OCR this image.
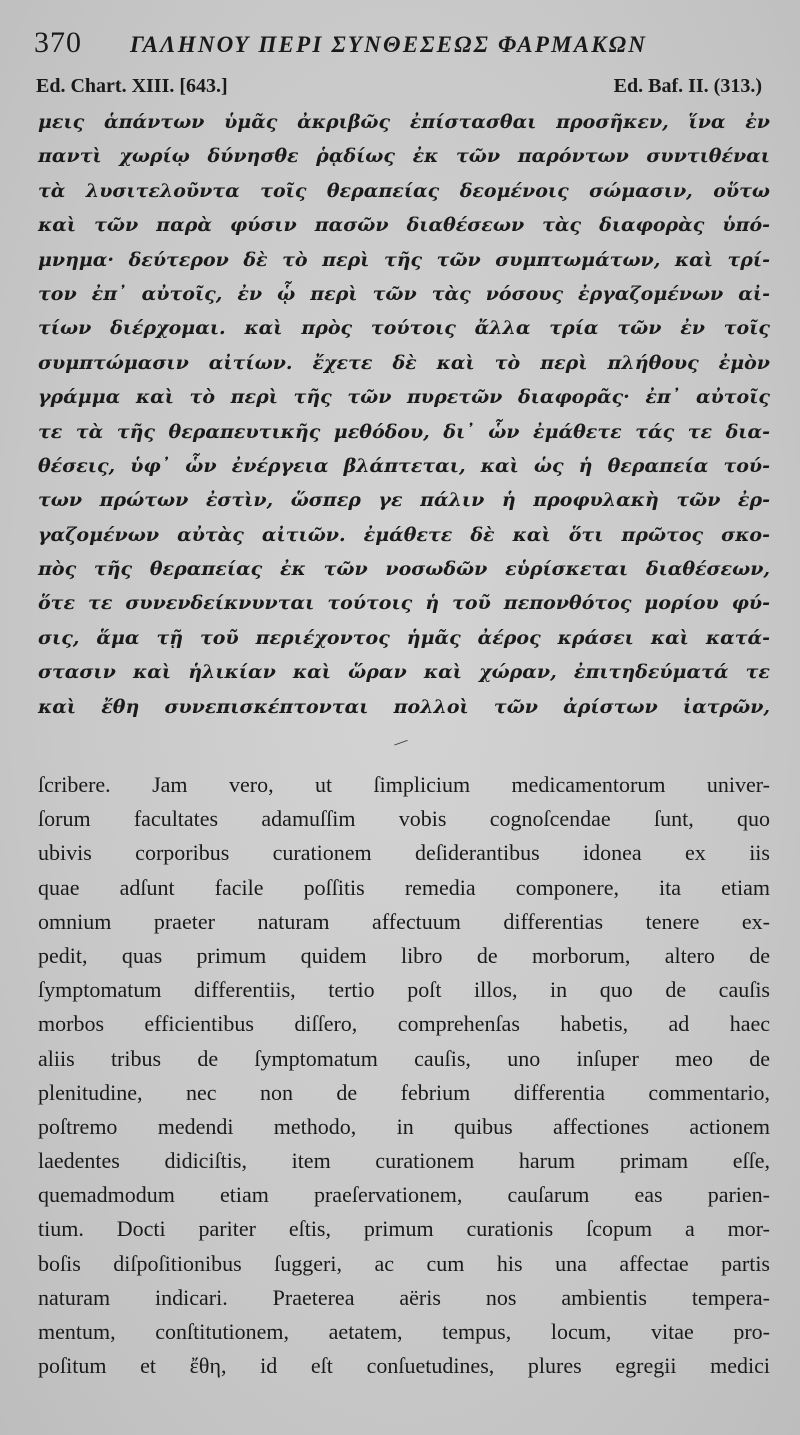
370	ΓΑΛΗΝΟΥ ΠΕΡΙ ΣΥΝΘΕΣΕΩΣ ΦΑΡΜΑΚΩΝ
Ed. Chart. XIII. [643.]	Ed. Baf. II. (313.)
μεις ἁπάντων ὑμᾶς ἀκριβῶς ἐπίστασθαι προσῆκεν, ἵνα ἐν
παντὶ χωρίῳ δύνησθε ῥᾳδίως ἐκ τῶν παρόντων συντιθέναι
τὰ λυσιτελοῦντα τοῖς θεραπείας δεομένοις σώμασιν, οὕτω
καὶ τῶν παρὰ φύσιν πασῶν διαθέσεων τὰς διαφορὰς ὑπό-
μνημα· δεύτερον δὲ τὸ περὶ τῆς τῶν συμπτωμάτων, καὶ τρί-
τον ἐπ᾽ αὐτοῖς, ἐν ᾧ περὶ τῶν τὰς νόσους ἐργαζομένων αἰ-
τίων διέρχομαι. καὶ πρὸς τούτοις ἄλλα τρία τῶν ἐν τοῖς
συμπτώμασιν αἰτίων. ἔχετε δὲ καὶ τὸ περὶ πλήθους ἐμὸν
γράμμα καὶ τὸ περὶ τῆς τῶν πυρετῶν διαφορᾶς· ἐπ᾽ αὐτοῖς
τε τὰ τῆς θεραπευτικῆς μεθόδου, δι᾽ ὧν ἐμάθετε τάς τε δια-
θέσεις, ὑφ᾽ ὧν ἐνέργεια βλάπτεται, καὶ ὡς ἡ θεραπεία τού-
των πρώτων ἐστὶν, ὥσπερ γε πάλιν ἡ προφυλακὴ τῶν ἐρ-
γαζομένων αὐτὰς αἰτιῶν. ἐμάθετε δὲ καὶ ὅτι πρῶτος σκο-
πὸς τῆς θεραπείας ἐκ τῶν νοσωδῶν εὑρίσκεται διαθέσεων,
ὅτε τε συνενδείκνυνται τούτοις ἡ τοῦ πεπονθότος μορίου φύ-
σις, ἅμα τῇ τοῦ περιέχοντος ἡμᾶς ἀέρος κράσει καὶ κατά-
στασιν καὶ ἡλικίαν καὶ ὥραν καὶ χώραν, ἐπιτηδεύματά τε
καὶ ἔθη συνεπισκέπτονται πολλοὶ τῶν ἀρίστων ἰατρῶν,
ſcribere. Jam vero, ut ſimplicium medicamentorum univer-
ſorum facultates adamuſſim vobis cognoſcendae ſunt, quo
ubivis corporibus curationem deſiderantibus idonea ex iis
quae adſunt facile poſſitis remedia componere, ita etiam
omnium praeter naturam affectuum differentias tenere ex-
pedit, quas primum quidem libro de morborum, altero de
ſymptomatum differentiis, tertio poſt illos, in quo de cauſis
morbos efficientibus diſſero, comprehenſas habetis, ad haec
aliis tribus de ſymptomatum cauſis, uno inſuper meo de
plenitudine, nec non de febrium differentia commentario,
poſtremo medendi methodo, in quibus affectiones actionem
laedentes didiciſtis, item curationem harum primam eſſe,
quemadmodum etiam praeſervationem, cauſarum eas parien-
tium. Docti pariter eſtis, primum curationis ſcopum a mor-
boſis diſpoſitionibus ſuggeri, ac cum his una affectae partis
naturam indicari. Praeterea aëris nos ambientis tempera-
mentum, conſtitutionem, aetatem, tempus, locum, vitae pro-
poſitum et ἔθη, id eſt conſuetudines, plures egregii medici
